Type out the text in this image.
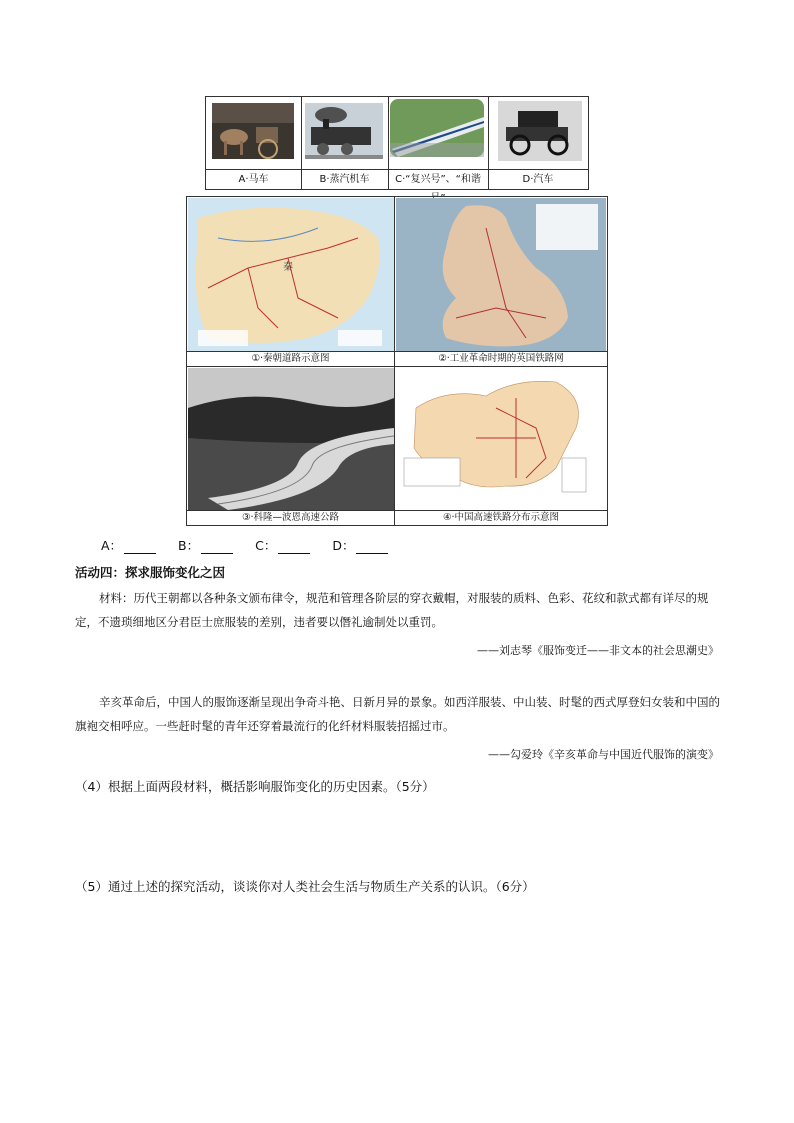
A·马车	B·蒸汽机车	C·“复兴号”、“和谐	D·汽车
秦
①·秦朝道路示意图	②·工业革命时期的英国铁路网
③·科隆—波恩高速公路	④·中国高速铁路分布示意图
A：	B：	C：	D：
活动四：探求服饰变化之因
材料：历代王朝都以各种条文颁布律令，规范和管理各阶层的穿衣戴帽，对服装的质料、色彩、花纹和款式都有详尽的规定，不遗琐细地区分君臣士庶服装的差别，违者要以僭礼逾制处以重罚。
——刘志琴《服饰变迁——非文本的社会思潮史》
辛亥革命后，中国人的服饰逐渐呈现出争奇斗艳、日新月异的景象。如西洋服装、中山装、时髦的西式厚登妇女装和中国的旗袍交相呼应。一些赶时髦的青年还穿着最流行的化纤材料服装招摇过市。
——勾爱玲《辛亥革命与中国近代服饰的演变》
（4）根据上面两段材料，概括影响服饰变化的历史因素。（5分）
（5）通过上述的探究活动，谈谈你对人类社会生活与物质生产关系的认识。（6分）
